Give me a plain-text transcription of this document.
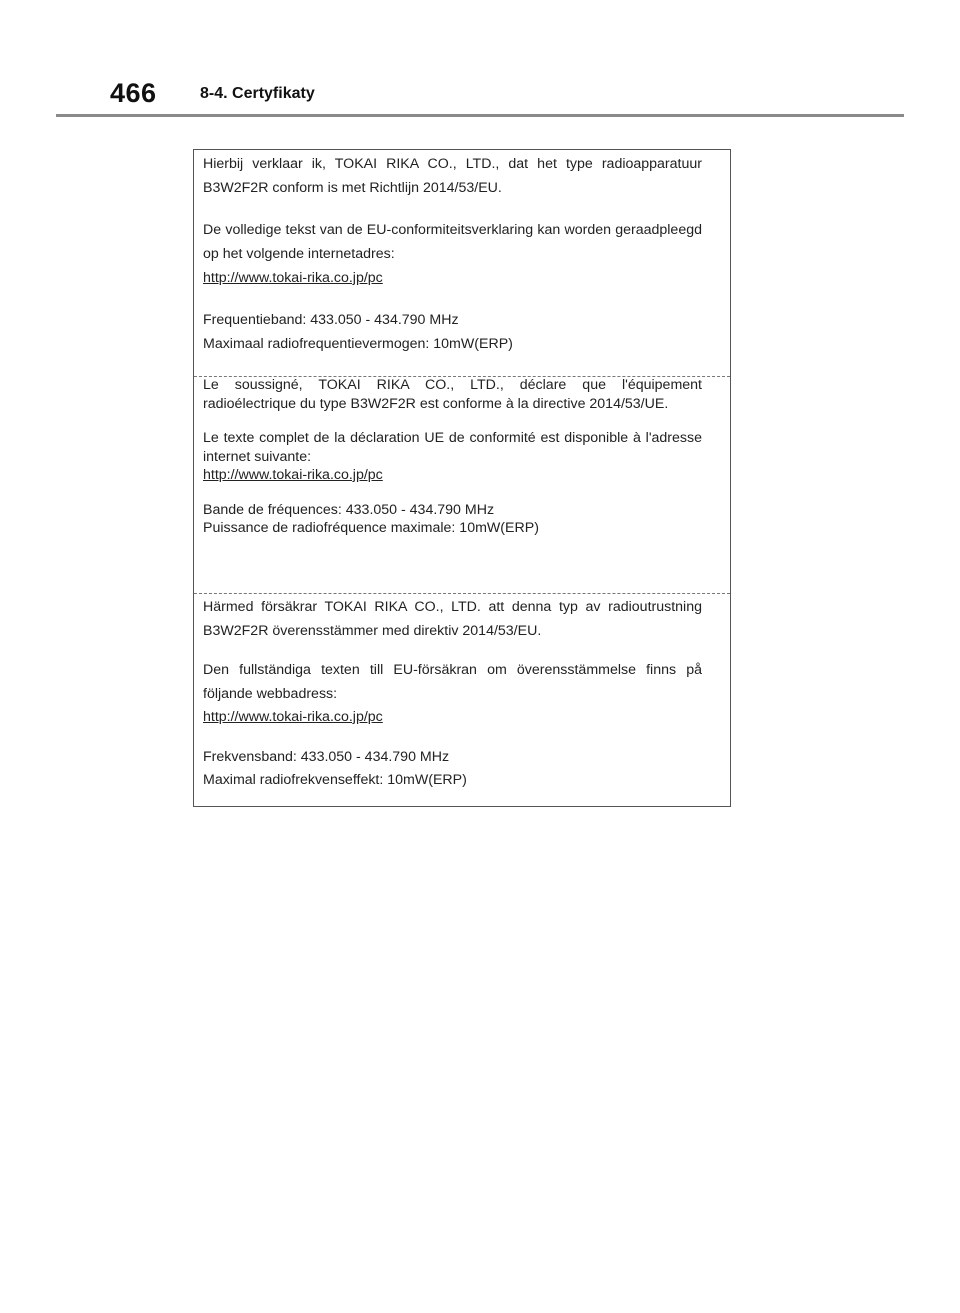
466	8-4. Certyfikaty

Hierbij verklaar ik, TOKAI RIKA CO., LTD., dat het type radioapparatuur B3W2F2R conform is met Richtlijn 2014/53/EU.

De volledige tekst van de EU-conformiteitsverklaring kan worden geraadpleegd op het volgende internetadres:

http://www.tokai-rika.co.jp/pc

Frequentieband: 433.050 - 434.790 MHz

Maximaal radiofrequentievermogen: 10mW(ERP)

Le soussigné, TOKAI RIKA CO., LTD., déclare que l'équipement radioélectrique du type B3W2F2R est conforme à la directive 2014/53/UE.

Le texte complet de la déclaration UE de conformité est disponible à l'adresse internet suivante:

http://www.tokai-rika.co.jp/pc

Bande de fréquences: 433.050 - 434.790 MHz

Puissance de radiofréquence maximale: 10mW(ERP)

Härmed försäkrar TOKAI RIKA CO., LTD. att denna typ av radioutrustning B3W2F2R överensstämmer med direktiv 2014/53/EU.

Den fullständiga texten till EU-försäkran om överensstämmelse finns på följande webbadress:

http://www.tokai-rika.co.jp/pc

Frekvensband: 433.050 - 434.790 MHz

Maximal radiofrekvenseffekt: 10mW(ERP)
